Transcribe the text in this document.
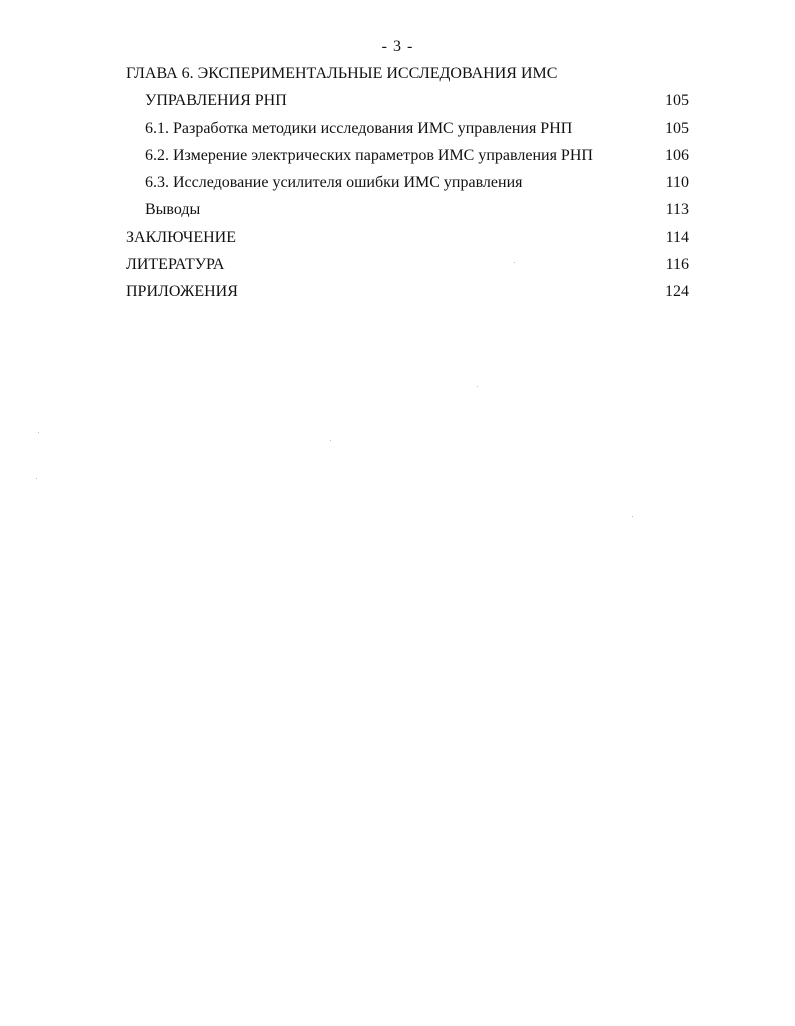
- 3 -
ГЛАВА 6. ЭКСПЕРИМЕНТАЛЬНЫЕ ИССЛЕДОВАНИЯ ИМС
УПРАВЛЕНИЯ РНП	105
6.1. Разработка методики исследования ИМС управления РНП	105
6.2. Измерение электрических параметров ИМС управления РНП	106
6.3. Исследование усилителя ошибки ИМС управления	110
Выводы	113
ЗАКЛЮЧЕНИЕ	114
ЛИТЕРАТУРА	116
ПРИЛОЖЕНИЯ	124
